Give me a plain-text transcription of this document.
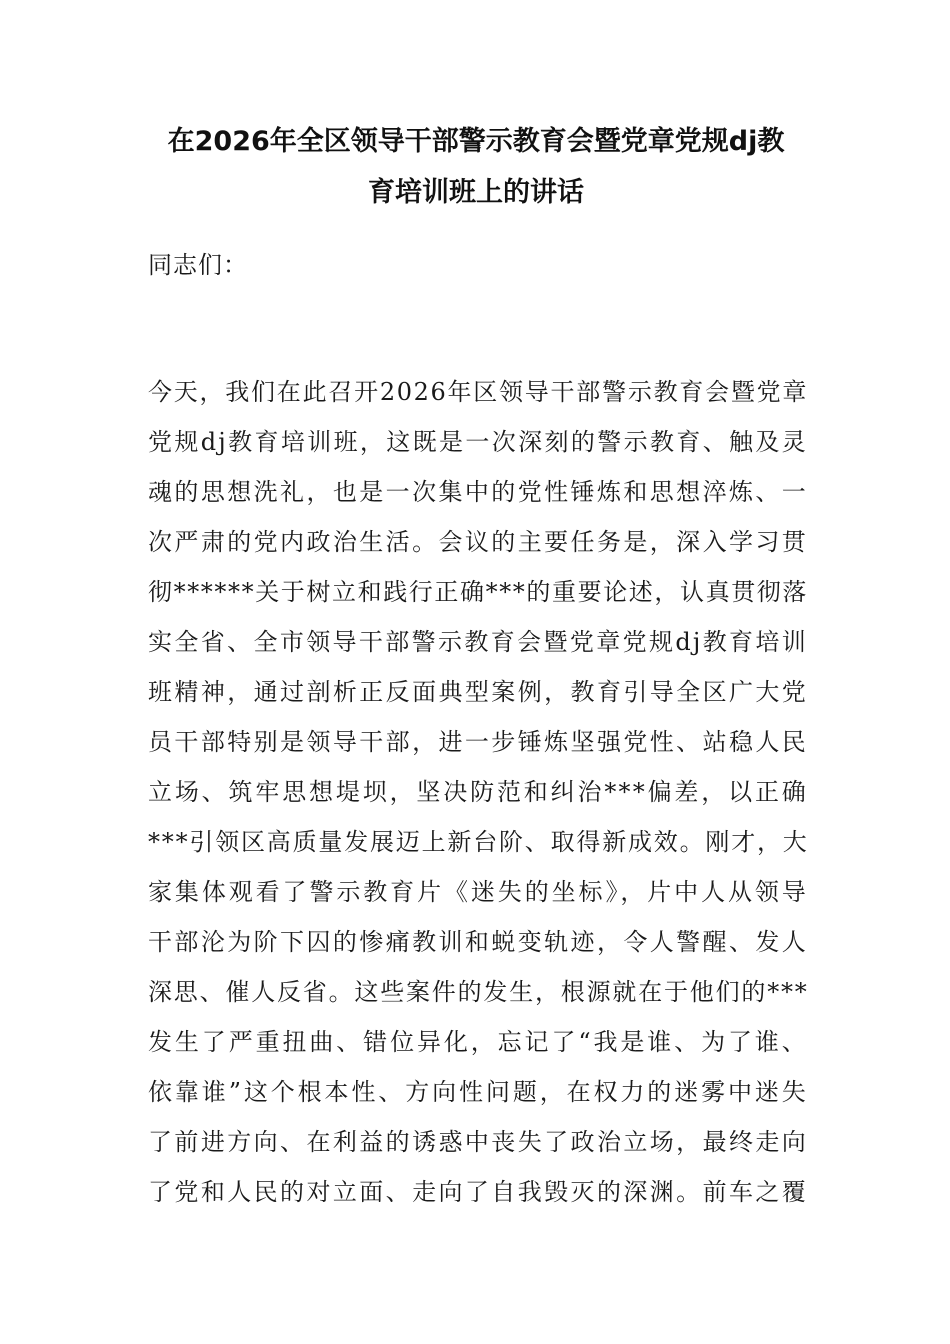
在2026年全区领导干部警示教育会暨党章党规dj教
育培训班上的讲话

同志们：

今天，我们在此召开2026年区领导干部警示教育会暨党章
党规dj教育培训班，这既是一次深刻的警示教育、触及灵
魂的思想洗礼，也是一次集中的党性锤炼和思想淬炼、一
次严肃的党内政治生活。会议的主要任务是，深入学习贯
彻******关于树立和践行正确***的重要论述，认真贯彻落
实全省、全市领导干部警示教育会暨党章党规dj教育培训
班精神，通过剖析正反面典型案例，教育引导全区广大党
员干部特别是领导干部，进一步锤炼坚强党性、站稳人民
立场、筑牢思想堤坝，坚决防范和纠治***偏差，以正确
***引领区高质量发展迈上新台阶、取得新成效。刚才，大
家集体观看了警示教育片《迷失的坐标》，片中人从领导
干部沦为阶下囚的惨痛教训和蜕变轨迹，令人警醒、发人
深思、催人反省。这些案件的发生，根源就在于他们的***
发生了严重扭曲、错位异化，忘记了“我是谁、为了谁、
依靠谁”这个根本性、方向性问题，在权力的迷雾中迷失
了前进方向、在利益的诱惑中丧失了政治立场，最终走向
了党和人民的对立面、走向了自我毁灭的深渊。前车之覆
